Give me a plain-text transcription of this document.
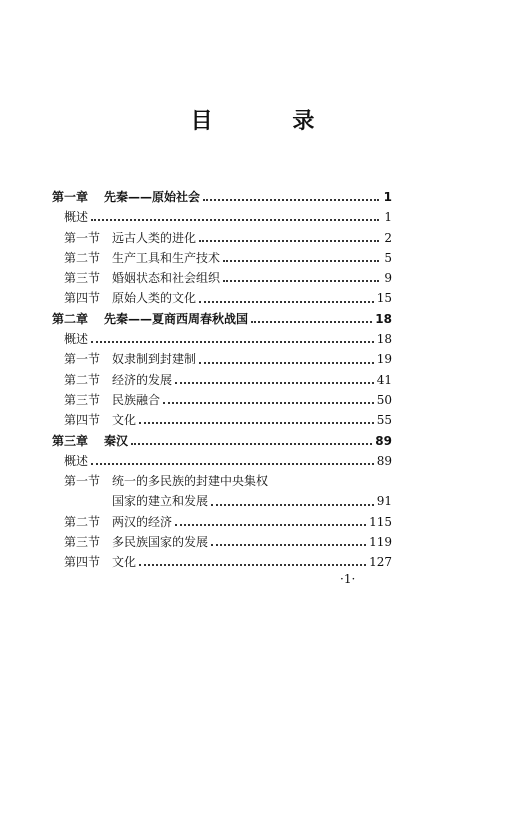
目 录
第一章	先秦——原始社会	1
概述	1
第一节 远古人类的进化	2
第二节 生产工具和生产技术	5
第三节 婚姻状态和社会组织	9
第四节 原始人类的文化	15
第二章	先秦——夏商西周春秋战国	18
概述	18
第一节 奴隶制到封建制	19
第二节 经济的发展	41
第三节 民族融合	50
第四节 文化	55
第三章	秦汉	89
概述	89
第一节 统一的多民族的封建中央集权
国家的建立和发展	91
第二节 两汉的经济	115
第三节 多民族国家的发展	119
第四节 文化	127
·1·
